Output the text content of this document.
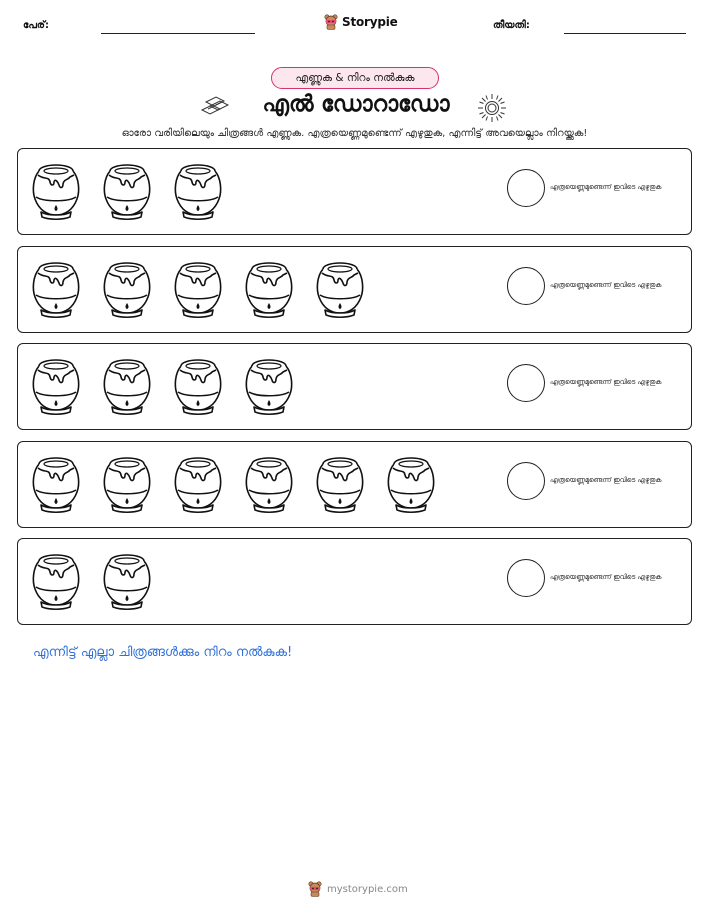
പേര്:	Storypie	തീയതി:
എണ്ണുക & നിറം നൽകുക
എൽ ഡോറാഡോ
ഓരോ വരിയിലെയും ചിത്രങ്ങൾ എണ്ണുക. എത്രയെണ്ണമുണ്ടെന്ന് എഴുതുക, എന്നിട്ട് അവയെല്ലാം നിറയ്ക്കുക!
എത്രയെണ്ണമുണ്ടെന്ന് ഇവിടെ എഴുതുക
എത്രയെണ്ണമുണ്ടെന്ന് ഇവിടെ എഴുതുക
എത്രയെണ്ണമുണ്ടെന്ന് ഇവിടെ എഴുതുക
എത്രയെണ്ണമുണ്ടെന്ന് ഇവിടെ എഴുതുക
എത്രയെണ്ണമുണ്ടെന്ന് ഇവിടെ എഴുതുക
എന്നിട്ട് എല്ലാ ചിത്രങ്ങൾക്കും നിറം നൽകുക!
mystorypie.com
